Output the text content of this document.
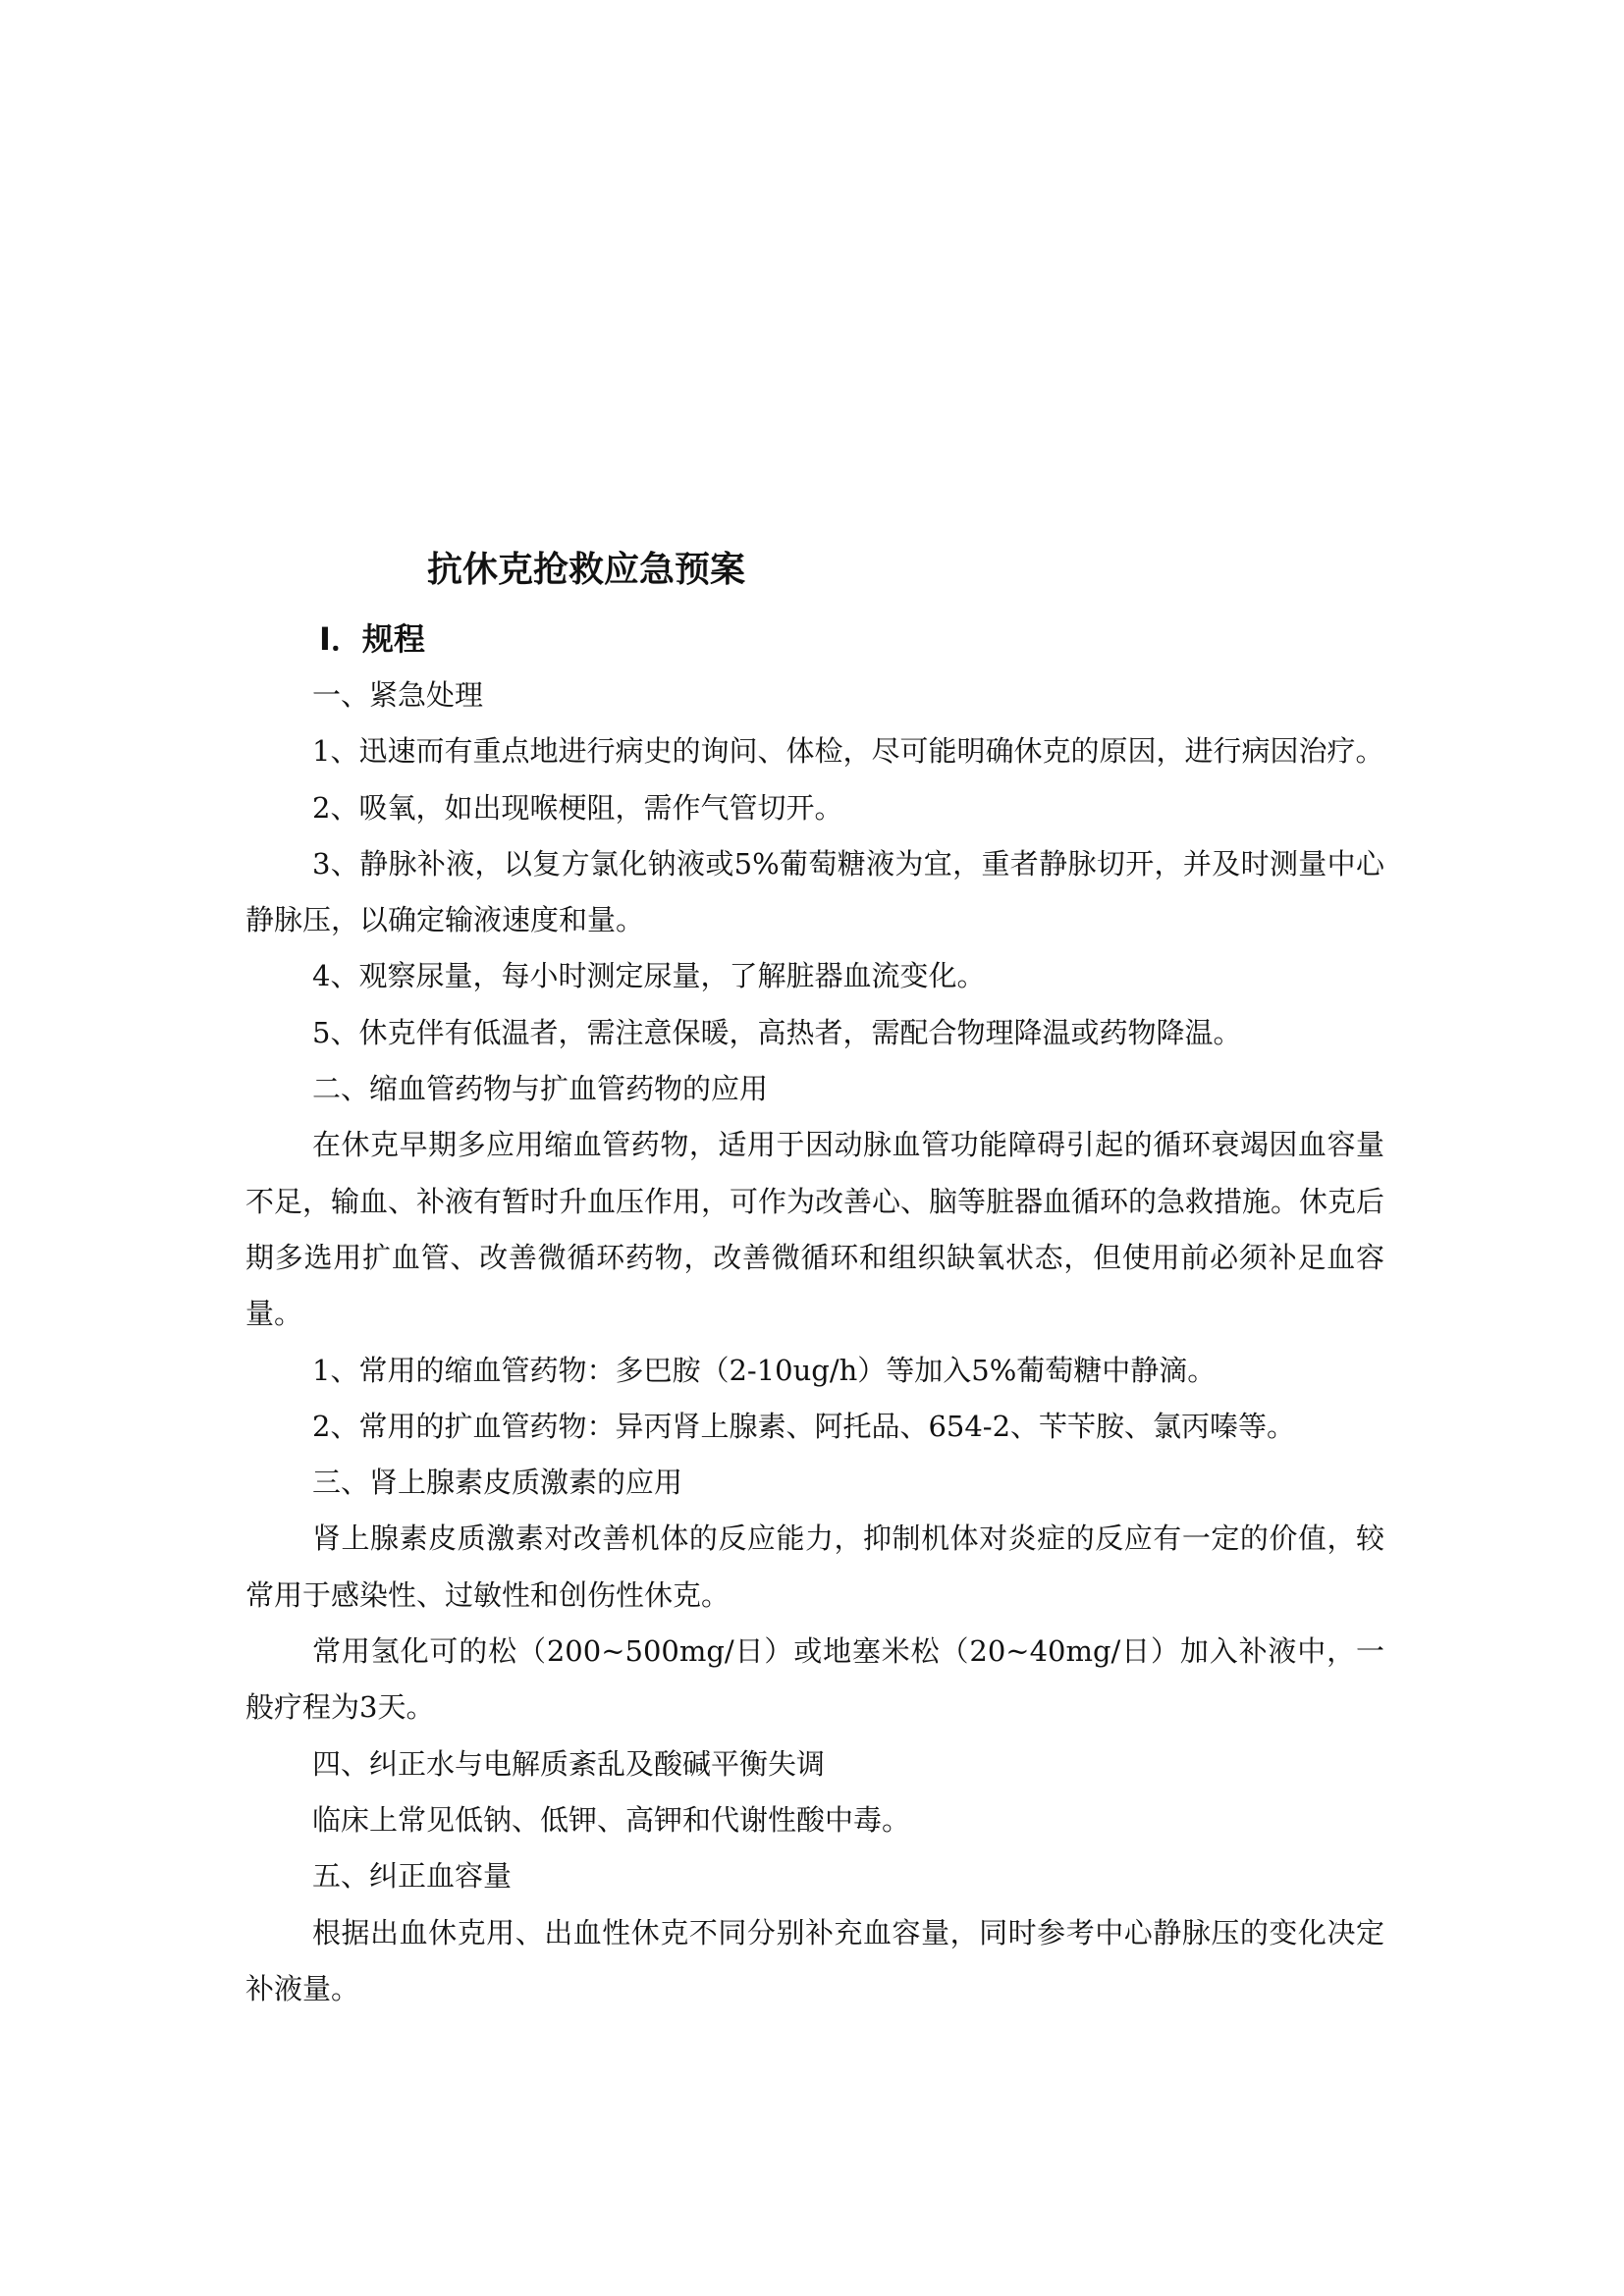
抗休克抢救应急预案
Ⅰ．规程

一、紧急处理

1、迅速而有重点地进行病史的询问、体检，尽可能明确休克的原因，进行病因治疗。

2、吸氧，如出现喉梗阻，需作气管切开。

3、静脉补液，以复方氯化钠液或5%葡萄糖液为宜，重者静脉切开，并及时测量中心静脉压，以确定输液速度和量。

4、观察尿量，每小时测定尿量，了解脏器血流变化。

5、休克伴有低温者，需注意保暖，高热者，需配合物理降温或药物降温。

二、缩血管药物与扩血管药物的应用

在休克早期多应用缩血管药物，适用于因动脉血管功能障碍引起的循环衰竭因血容量不足，输血、补液有暂时升血压作用，可作为改善心、脑等脏器血循环的急救措施。休克后期多选用扩血管、改善微循环药物，改善微循环和组织缺氧状态，但使用前必须补足血容量。

1、常用的缩血管药物：多巴胺（2-10ug/h）等加入5%葡萄糖中静滴。

2、常用的扩血管药物：异丙肾上腺素、阿托品、654-2、苄苄胺、氯丙嗪等。

三、肾上腺素皮质激素的应用

肾上腺素皮质激素对改善机体的反应能力，抑制机体对炎症的反应有一定的价值，较常用于感染性、过敏性和创伤性休克。

常用氢化可的松（200~500mg/日）或地塞米松（20~40mg/日）加入补液中，一般疗程为3天。

四、纠正水与电解质紊乱及酸碱平衡失调

临床上常见低钠、低钾、高钾和代谢性酸中毒。

五、纠正血容量

根据出血休克用、出血性休克不同分别补充血容量，同时参考中心静脉压的变化决定补液量。
